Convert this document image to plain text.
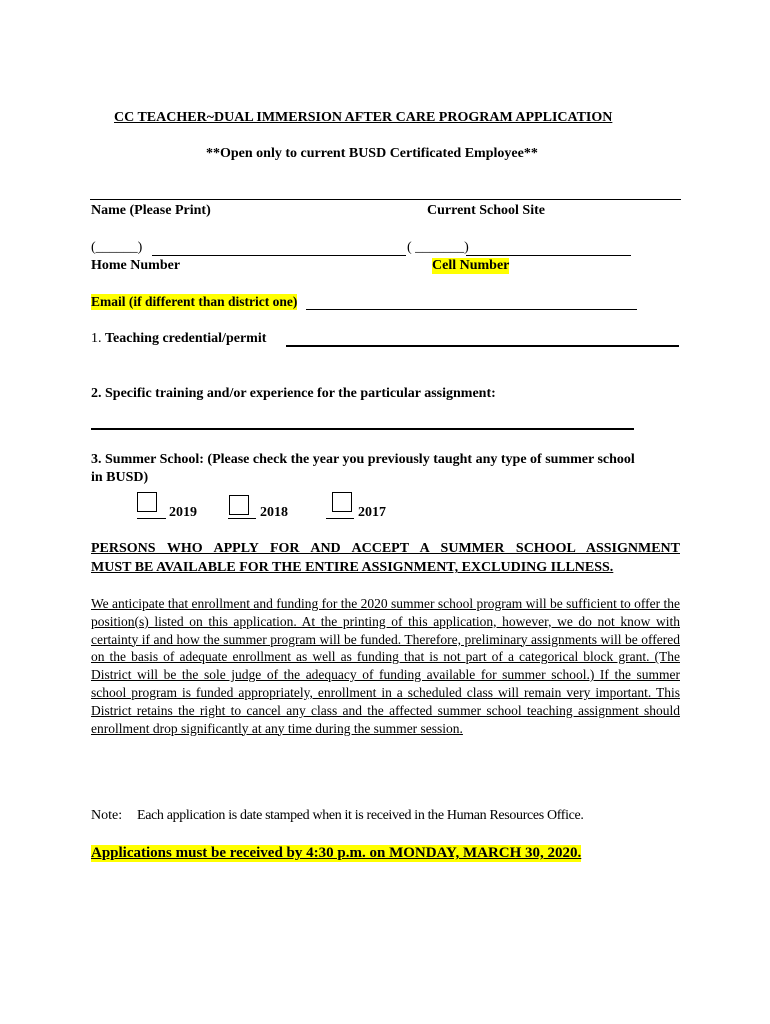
CC TEACHER~DUAL IMMERSION AFTER CARE PROGRAM APPLICATION
**Open only to current BUSD Certificated Employee**
Name (Please Print)	Current School Site
(______)	( _______)
Home Number	Cell Number
Email (if different than district one)
1. Teaching credential/permit
2. Specific training and/or experience for the particular assignment:
3. Summer School: (Please check the year you previously taught any type of summer school
in BUSD)
2019	2018	2017
PERSONS WHO APPLY FOR AND ACCEPT A SUMMER SCHOOL ASSIGNMENT
MUST BE AVAILABLE FOR THE ENTIRE ASSIGNMENT, EXCLUDING ILLNESS.
We anticipate that enrollment and funding for the 2020 summer school program will be sufficient to offer the position(s) listed on this application. At the printing of this application, however, we do not know with certainty if and how the summer program will be funded. Therefore, preliminary assignments will be offered on the basis of adequate enrollment as well as funding that is not part of a categorical block grant. (The District will be the sole judge of the adequacy of funding available for summer school.) If the summer school program is funded appropriately, enrollment in a scheduled class will remain very important. This District retains the right to cancel any class and the affected summer school teaching assignment should enrollment drop significantly at any time during the summer session.
Note: Each application is date stamped when it is received in the Human Resources Office.
Applications must be received by 4:30 p.m. on MONDAY, MARCH 30, 2020.
